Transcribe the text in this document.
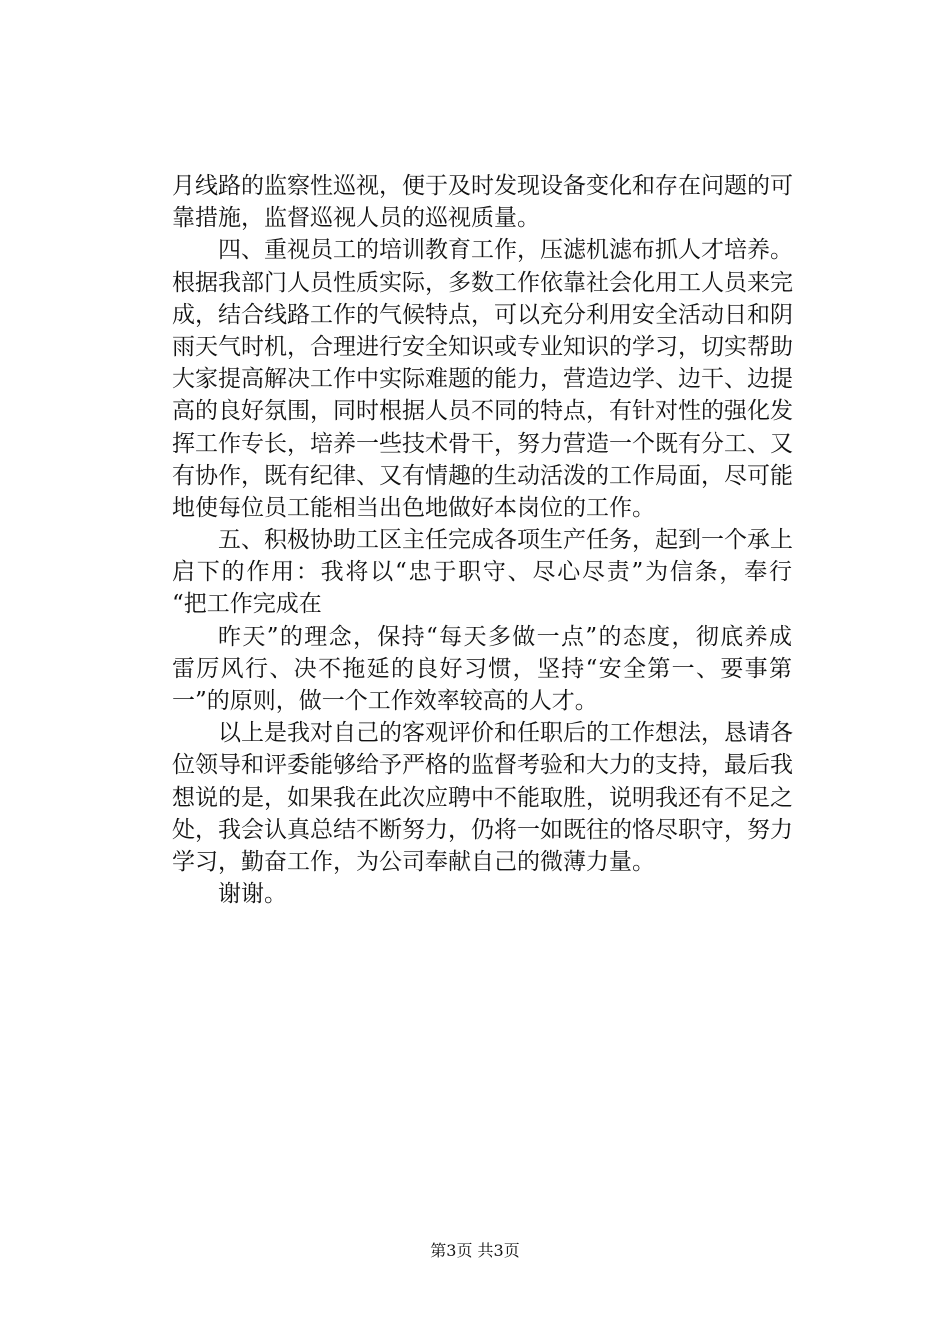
月线路的监察性巡视，便于及时发现设备变化和存在问题的可
靠措施，监督巡视人员的巡视质量。
四、重视员工的培训教育工作，压滤机滤布抓人才培养。
根据我部门人员性质实际，多数工作依靠社会化用工人员来完
成，结合线路工作的气候特点，可以充分利用安全活动日和阴
雨天气时机，合理进行安全知识或专业知识的学习，切实帮助
大家提高解决工作中实际难题的能力，营造边学、边干、边提
高的良好氛围，同时根据人员不同的特点，有针对性的强化发
挥工作专长，培养一些技术骨干，努力营造一个既有分工、又
有协作，既有纪律、又有情趣的生动活泼的工作局面，尽可能
地使每位员工能相当出色地做好本岗位的工作。
五、积极协助工区主任完成各项生产任务，起到一个承上
启下的作用：我将以“忠于职守、尽心尽责”为信条，奉行
“把工作完成在
昨天”的理念，保持“每天多做一点”的态度，彻底养成
雷厉风行、决不拖延的良好习惯，坚持“安全第一、要事第
一”的原则，做一个工作效率较高的人才。
以上是我对自己的客观评价和任职后的工作想法，恳请各
位领导和评委能够给予严格的监督考验和大力的支持，最后我
想说的是，如果我在此次应聘中不能取胜，说明我还有不足之
处，我会认真总结不断努力，仍将一如既往的恪尽职守，努力
学习，勤奋工作，为公司奉献自己的微薄力量。
谢谢。
第3页 共3页
